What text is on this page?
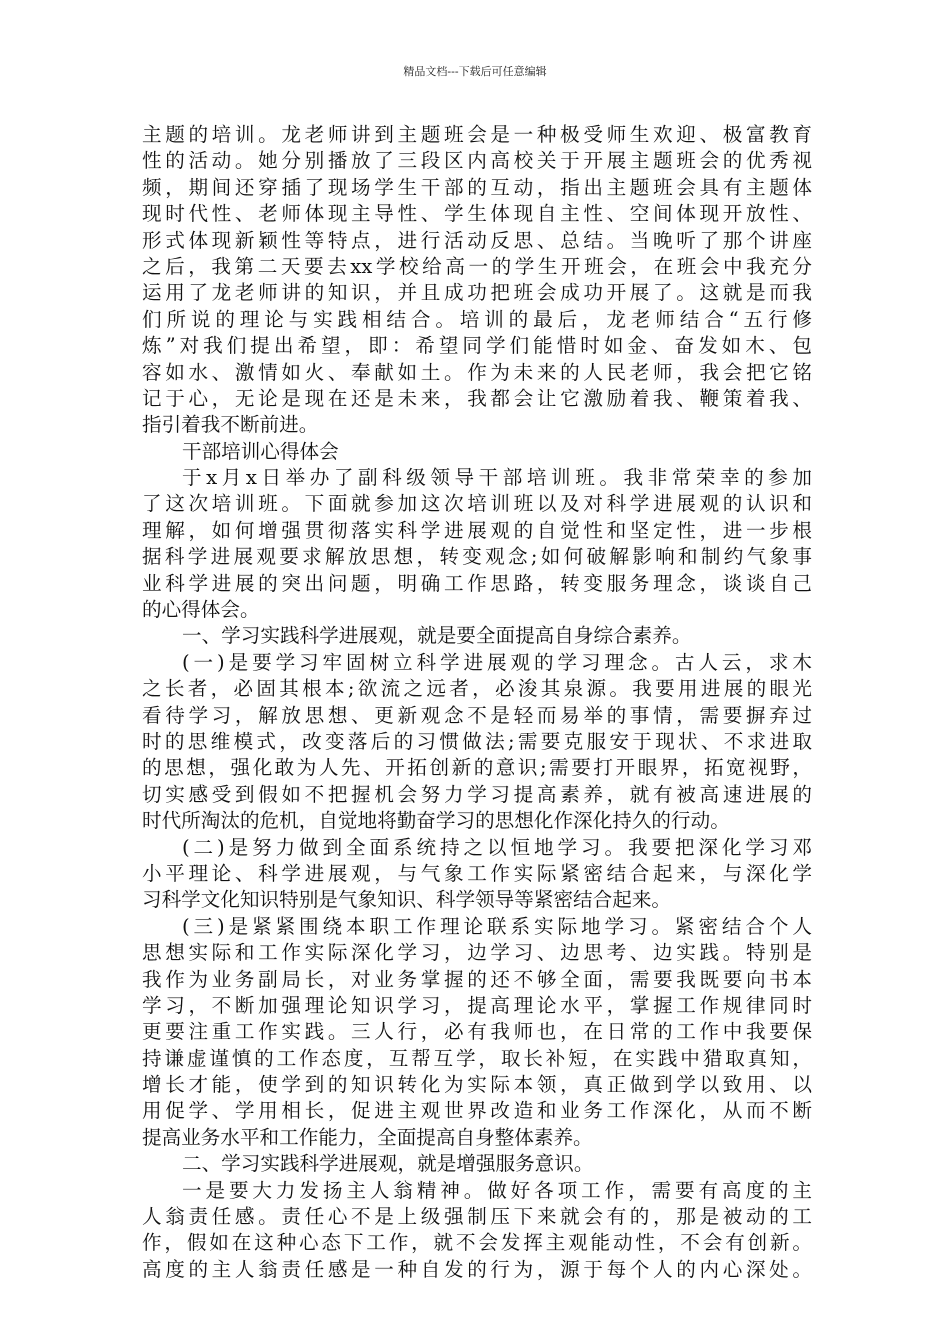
精品文档---下载后可任意编辑
主题的培训。龙老师讲到主题班会是一种极受师生欢迎、极富教育
性的活动。她分别播放了三段区内高校关于开展主题班会的优秀视
频，期间还穿插了现场学生干部的互动，指出主题班会具有主题体
现时代性、老师体现主导性、学生体现自主性、空间体现开放性、
形式体现新颖性等特点，进行活动反思、总结。当晚听了那个讲座
之后，我第二天要去xx学校给高一的学生开班会，在班会中我充分
运用了龙老师讲的知识，并且成功把班会成功开展了。这就是而我
们所说的理论与实践相结合。培训的最后，龙老师结合“五行修
炼”对我们提出希望，即：希望同学们能惜时如金、奋发如木、包
容如水、激情如火、奉献如土。作为未来的人民老师，我会把它铭
记于心，无论是现在还是未来，我都会让它激励着我、鞭策着我、
指引着我不断前进。
干部培训心得体会
于x月x日举办了副科级领导干部培训班。我非常荣幸的参加
了这次培训班。下面就参加这次培训班以及对科学进展观的认识和
理解，如何增强贯彻落实科学进展观的自觉性和坚定性，进一步根
据科学进展观要求解放思想，转变观念;如何破解影响和制约气象事
业科学进展的突出问题，明确工作思路，转变服务理念，谈谈自己
的心得体会。
一、学习实践科学进展观，就是要全面提高自身综合素养。
(一)是要学习牢固树立科学进展观的学习理念。古人云，求木
之长者，必固其根本;欲流之远者，必浚其泉源。我要用进展的眼光
看待学习，解放思想、更新观念不是轻而易举的事情，需要摒弃过
时的思维模式，改变落后的习惯做法;需要克服安于现状、不求进取
的思想，强化敢为人先、开拓创新的意识;需要打开眼界，拓宽视野，
切实感受到假如不把握机会努力学习提高素养，就有被高速进展的
时代所淘汰的危机，自觉地将勤奋学习的思想化作深化持久的行动。
(二)是努力做到全面系统持之以恒地学习。我要把深化学习邓
小平理论、科学进展观，与气象工作实际紧密结合起来，与深化学
习科学文化知识特别是气象知识、科学领导等紧密结合起来。
(三)是紧紧围绕本职工作理论联系实际地学习。紧密结合个人
思想实际和工作实际深化学习，边学习、边思考、边实践。特别是
我作为业务副局长，对业务掌握的还不够全面，需要我既要向书本
学习，不断加强理论知识学习，提高理论水平，掌握工作规律同时
更要注重工作实践。三人行，必有我师也，在日常的工作中我要保
持谦虚谨慎的工作态度，互帮互学，取长补短，在实践中猎取真知，
增长才能，使学到的知识转化为实际本领，真正做到学以致用、以
用促学、学用相长，促进主观世界改造和业务工作深化，从而不断
提高业务水平和工作能力，全面提高自身整体素养。
二、学习实践科学进展观，就是增强服务意识。
一是要大力发扬主人翁精神。做好各项工作，需要有高度的主
人翁责任感。责任心不是上级强制压下来就会有的，那是被动的工
作，假如在这种心态下工作，就不会发挥主观能动性，不会有创新。
高度的主人翁责任感是一种自发的行为，源于每个人的内心深处。
